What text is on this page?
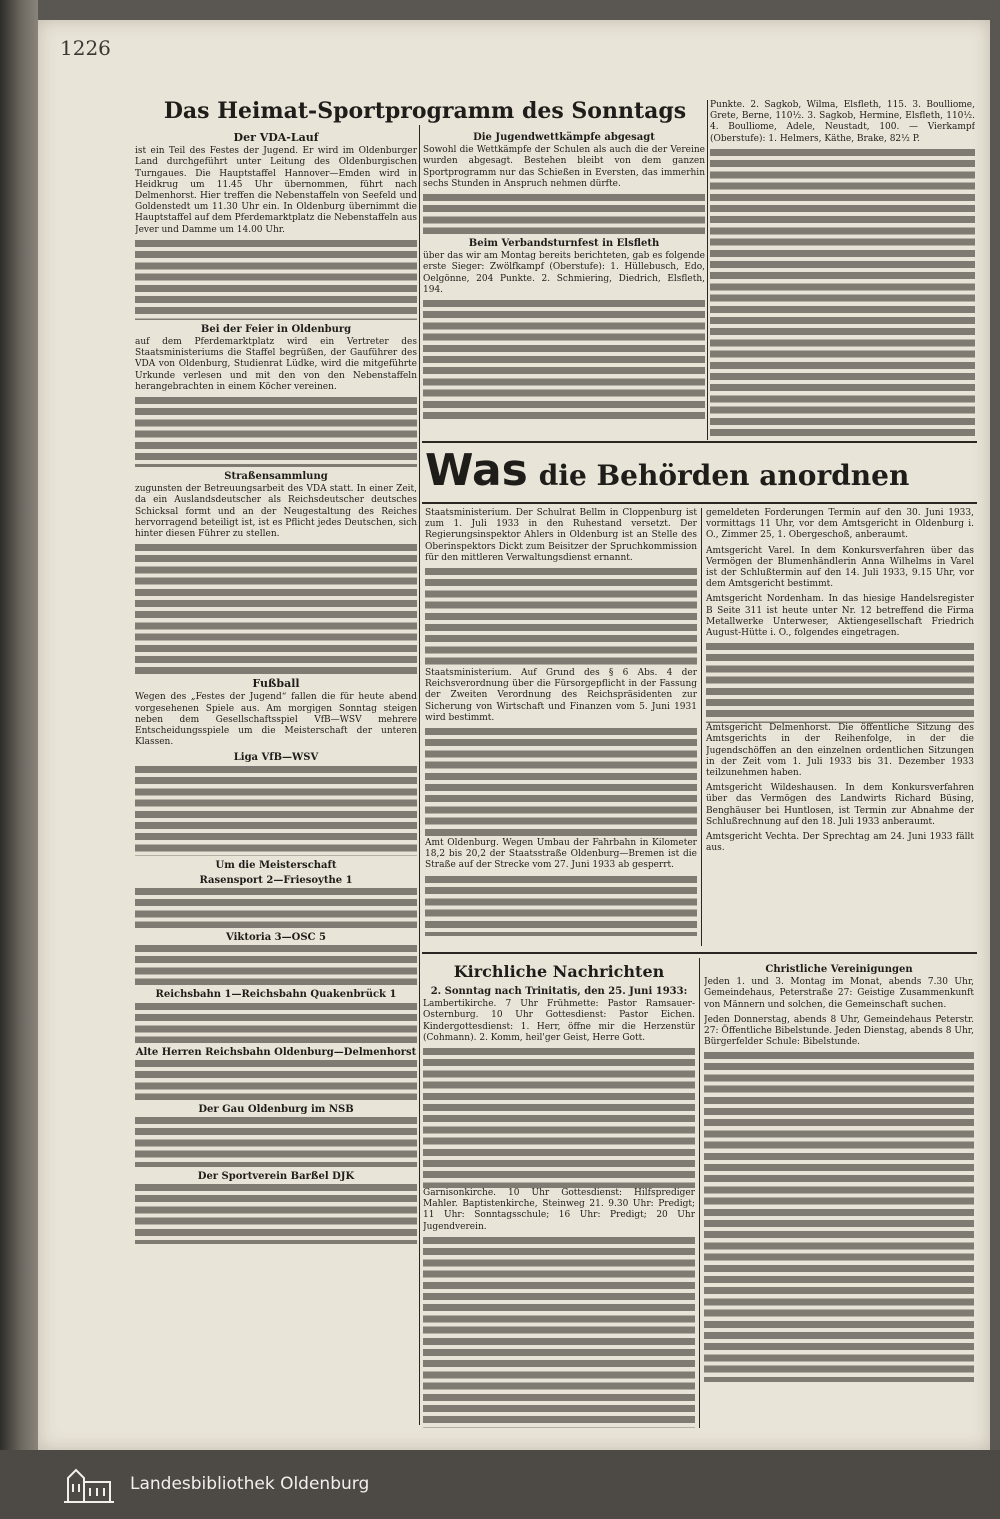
1226
Das Heimat-Sportprogramm des Sonntags
Der VDA-Lauf

ist ein Teil des Festes der Jugend. Er wird im Oldenburger Land durchgeführt unter Leitung des Oldenburgischen Turngaues. Die Hauptstaffel Hannover—Emden wird in Heidkrug um 11.45 Uhr übernommen, führt nach Delmenhorst. Hier treffen die Nebenstaffeln von Seefeld und Goldenstedt um 11.30 Uhr ein. In Oldenburg übernimmt die Hauptstaffel auf dem Pferdemarktplatz die Nebenstaffeln aus Jever und Damme um 14.00 Uhr.

Bei der Feier in Oldenburg

auf dem Pferdemarktplatz wird ein Vertreter des Staatsministeriums die Staffel begrüßen, der Gauführer des VDA von Oldenburg, Studienrat Lüdke, wird die mitgeführte Urkunde verlesen und mit den von den Nebenstaffeln herangebrachten in einem Köcher vereinen.

Straßensammlung

zugunsten der Betreuungsarbeit des VDA statt. In einer Zeit, da ein Auslandsdeutscher als Reichsdeutscher deutsches Schicksal formt und an der Neugestaltung des Reiches hervorragend beteiligt ist, ist es Pflicht jedes Deutschen, sich hinter diesen Führer zu stellen.

Fußball

Wegen des „Festes der Jugend“ fallen die für heute abend vorgesehenen Spiele aus. Am morgigen Sonntag steigen neben dem Gesellschaftsspiel VfB—WSV mehrere Entscheidungsspiele um die Meisterschaft der unteren Klassen.

Liga VfB—WSV
Um die Meisterschaft
Rasensport 2—Friesoythe 1
Viktoria 3—OSC 5
Reichsbahn 1—Reichsbahn Quakenbrück 1
Alte Herren Reichsbahn Oldenburg—Delmenhorst
Der Gau Oldenburg im NSB
Der Sportverein Barßel DJK
Die Jugendwettkämpfe abgesagt

Sowohl die Wettkämpfe der Schulen als auch die der Vereine wurden abgesagt. Bestehen bleibt von dem ganzen Sportprogramm nur das Schießen in Eversten, das immerhin sechs Stunden in Anspruch nehmen dürfte.

Beim Verbandsturnfest in Elsfleth

über das wir am Montag bereits berichteten, gab es folgende erste Sieger: Zwölfkampf (Oberstufe): 1. Hüllebusch, Edo, Oelgönne, 204 Punkte. 2. Schmiering, Diedrich, Elsfleth, 194.

Punkte. 2. Sagkob, Wilma, Elsfleth, 115. 3. Boulliome, Grete, Berne, 110½. 3. Sagkob, Hermine, Elsfleth, 110½. 4. Boulliome, Adele, Neustadt, 100. — Vierkampf (Oberstufe): 1. Helmers, Käthe, Brake, 82½ P.

Was die Behörden anordnen

Staatsministerium. Der Schulrat Bellm in Cloppenburg ist zum 1. Juli 1933 in den Ruhestand versetzt. Der Regierungsinspektor Ahlers in Oldenburg ist an Stelle des Oberinspektors Dickt zum Beisitzer der Spruchkommission für den mittleren Verwaltungsdienst ernannt.

Staatsministerium. Auf Grund des § 6 Abs. 4 der Reichsverordnung über die Fürsorgepflicht in der Fassung der Zweiten Verordnung des Reichspräsidenten zur Sicherung von Wirtschaft und Finanzen vom 5. Juni 1931 wird bestimmt.

Amt Oldenburg. Wegen Umbau der Fahrbahn in Kilometer 18,2 bis 20,2 der Staatsstraße Oldenburg—Bremen ist die Straße auf der Strecke vom 27. Juni 1933 ab gesperrt.

gemeldeten Forderungen Termin auf den 30. Juni 1933, vormittags 11 Uhr, vor dem Amtsgericht in Oldenburg i. O., Zimmer 25, 1. Obergeschoß, anberaumt.

Amtsgericht Varel. In dem Konkursverfahren über das Vermögen der Blumenhändlerin Anna Wilhelms in Varel ist der Schlußtermin auf den 14. Juli 1933, 9.15 Uhr, vor dem Amtsgericht bestimmt.

Amtsgericht Nordenham. In das hiesige Handelsregister B Seite 311 ist heute unter Nr. 12 betreffend die Firma Metallwerke Unterweser, Aktiengesellschaft Friedrich August-Hütte i. O., folgendes eingetragen.

Amtsgericht Delmenhorst. Die öffentliche Sitzung des Amtsgerichts in der Reihenfolge, in der die Jugendschöffen an den einzelnen ordentlichen Sitzungen in der Zeit vom 1. Juli 1933 bis 31. Dezember 1933 teilzunehmen haben.

Amtsgericht Wildeshausen. In dem Konkursverfahren über das Vermögen des Landwirts Richard Büsing, Benghäuser bei Huntlosen, ist Termin zur Abnahme der Schlußrechnung auf den 18. Juli 1933 anberaumt.

Amtsgericht Vechta. Der Sprechtag am 24. Juni 1933 fällt aus.

Kirchliche Nachrichten
2. Sonntag nach Trinitatis, den 25. Juni 1933:

Lambertikirche. 7 Uhr Frühmette: Pastor Ramsauer-Osternburg. 10 Uhr Gottesdienst: Pastor Eichen. Kindergottesdienst: 1. Herr, öffne mir die Herzenstür (Cohmann). 2. Komm, heil'ger Geist, Herre Gott.

Garnisonkirche. 10 Uhr Gottesdienst: Hilfsprediger Mahler. Baptistenkirche, Steinweg 21. 9.30 Uhr: Predigt; 11 Uhr: Sonntagsschule; 16 Uhr: Predigt; 20 Uhr Jugendverein.

Christliche Vereinigungen

Jeden 1. und 3. Montag im Monat, abends 7.30 Uhr, Gemeindehaus, Peterstraße 27: Geistige Zusammenkunft von Männern und solchen, die Gemeinschaft suchen.

Jeden Donnerstag, abends 8 Uhr, Gemeindehaus Peterstr. 27: Öffentliche Bibelstunde. Jeden Dienstag, abends 8 Uhr, Bürgerfelder Schule: Bibelstunde.

Landesbibliothek Oldenburg
